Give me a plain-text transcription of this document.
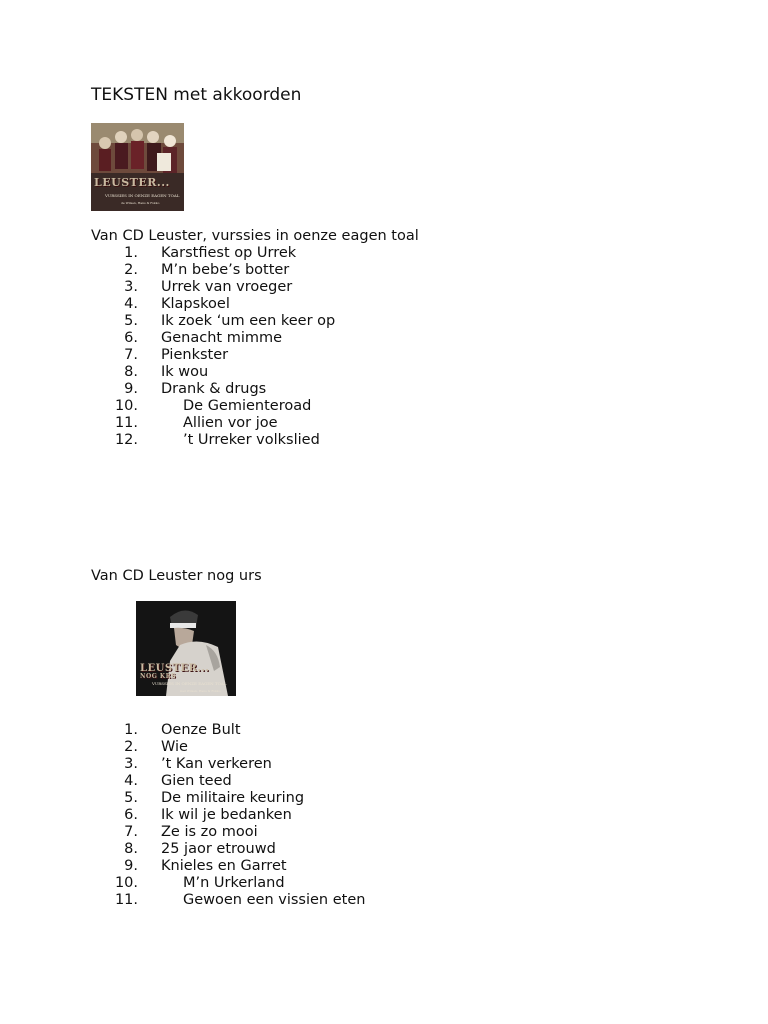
TEKSTEN met akkoorden
LEUSTER...
VURSSIES IN OENZE EAGEN TOAL
de Wilsen, Hans & Fokko
Van CD Leuster, vurssies in oenze eagen toal
1. Karstfiest op Urrek
2. M’n bebe’s botter
3. Urrek van vroeger
4. Klapskoel
5. Ik zoek ‘um een keer op
6. Genacht mimme
7. Pienkster
8. Ik wou
9. Drank & drugs
10.	De Gemienteroad
11.	Allien vor joe
12.	’t Urreker volkslied
Van CD Leuster nog urs
LEUSTER...
NOG KRS
VURSSIES IN OENZE EAGEN TOAL
met Wilsen, Hans & Fokko
1. Oenze Bult
2. Wie
3. ’t Kan verkeren
4. Gien teed
5. De militaire keuring
6. Ik wil je bedanken
7. Ze is zo mooi
8. 25 jaor etrouwd
9. Knieles en Garret
10.	M’n Urkerland
11.	Gewoen een vissien eten
